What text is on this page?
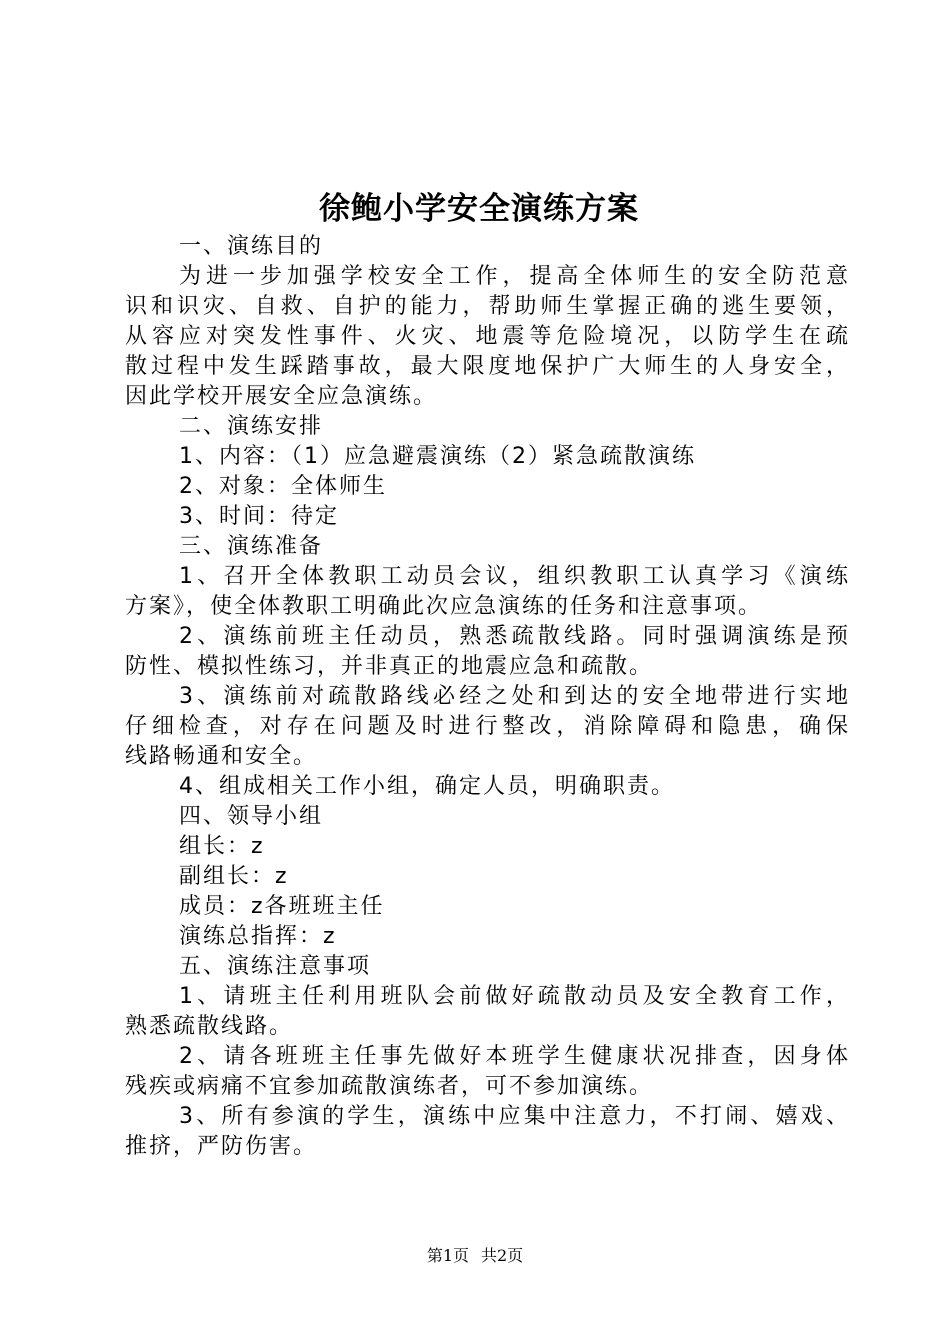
徐鲍小学安全演练方案
一、演练目的
为进一步加强学校安全工作，提高全体师生的安全防范意
识和识灾、自救、自护的能力，帮助师生掌握正确的逃生要领，
从容应对突发性事件、火灾、地震等危险境况，以防学生在疏
散过程中发生踩踏事故，最大限度地保护广大师生的人身安全，
因此学校开展安全应急演练。
二、演练安排
1、内容：（1）应急避震演练（2）紧急疏散演练
2、对象：全体师生
3、时间：待定
三、演练准备
1、召开全体教职工动员会议，组织教职工认真学习《演练
方案》，使全体教职工明确此次应急演练的任务和注意事项。
2、演练前班主任动员，熟悉疏散线路。同时强调演练是预
防性、模拟性练习，并非真正的地震应急和疏散。
3、演练前对疏散路线必经之处和到达的安全地带进行实地
仔细检查，对存在问题及时进行整改，消除障碍和隐患，确保
线路畅通和安全。
4、组成相关工作小组，确定人员，明确职责。
四、领导小组
组长：z
副组长：z
成员：z各班班主任
演练总指挥：z
五、演练注意事项
1、请班主任利用班队会前做好疏散动员及安全教育工作，
熟悉疏散线路。
2、请各班班主任事先做好本班学生健康状况排查，因身体
残疾或病痛不宜参加疏散演练者，可不参加演练。
3、所有参演的学生，演练中应集中注意力，不打闹、嬉戏、
推挤，严防伤害。
第1页 共2页
